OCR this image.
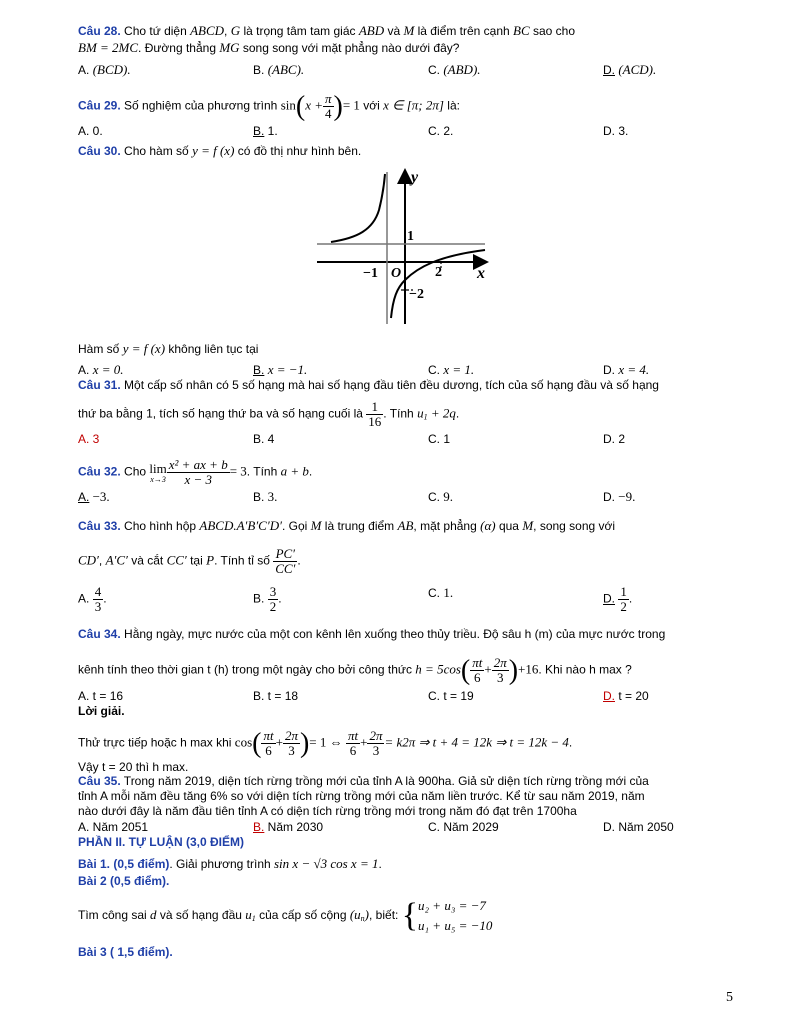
Câu 28. Cho tứ diện ABCD, G là trọng tâm tam giác ABD và M là điểm trên cạnh BC sao cho
BM = 2MC. Đường thẳng MG song song với mặt phẳng nào dưới đây?
A. (BCD).	B. (ABC).	C. (ABD).	D. (ACD).
Câu 29. Số nghiệm của phương trình $\sin(x + \frac{\pi}{4}$ )= 1 với x ∈ [π; 2π] là:
A. 0.	B. 1.	C. 2.	D. 3.
Câu 30. Cho hàm số y = f (x) có đồ thị như hình bên.
y
x
1
−1 O 2
−2
Hàm số y = f (x) không liên tục tại
A. x = 0.	B. x = −1.	C. x = 1.	D. x = 4.
Câu 31. Một cấp số nhân có 5 số hạng mà hai số hạng đầu tiên đều dương, tích của số hạng đầu và số hạng
thứ ba bằng 1, tích số hạng thứ ba và số hạng cuối là $\frac{1}{16}$ . Tính $u_1 + 2q$.
A. 3	B. 4	C. 1	D. 2
Câu 32. Cho lim
$x\to 3 \frac{\text{x² + ax + b}}{x - 3} = 3$. Tính a + b.
A. −3.	B. 3.	C. 9.	D. −9.
Câu 33. Cho hình hộp ABCD.A′B′C′D′. Gọi M là trung điểm AB, mặt phẳng (α) qua M, song song với
CD′, A′C′ và cắt CC′ tại P. Tính tỉ số $\frac{PC'}{CC'}$ .
A. $\frac{4}{3}$ .	B. $\frac{3}{2}$ .	C. 1.	D. $\frac{1}{2}$ .
Câu 34. Hằng ngày, mực nước của một con kênh lên xuống theo thủy triều. Độ sâu h (m) của mực nước trong
kênh tính theo thời gian t (h) trong một ngày cho bởi công thức $h = 5\cos( \frac{\pi t}{6} + \frac{2\pi}{3} )+16$. Khi nào h max ?
A. t = 16	B. t = 18	C. t = 19	D. t = 20
Lời giải.
Thử trực tiếp hoặc h max khi $\cos( \frac{\pi t}{6} + \frac{2\pi}{3}$ )= 1 ⇔ $\frac{\pi t}{6} + \frac{2\pi}{3} = k2\pi$ ⇒ t + 4 = 12k ⇒ t = 12k − 4.
Vậy t = 20 thì h max.
Câu 35. Trong năm 2019, diện tích rừng trồng mới của tỉnh A là 900ha. Giả sử diện tích rừng trồng mới của
tỉnh A mỗi năm đều tăng 6% so với diện tích rừng trồng mới của năm liền trước. Kể từ sau năm 2019, năm
nào dưới đây là năm đầu tiên tỉnh A có diện tích rừng trồng mới trong năm đó đạt trên 1700ha
A. Năm 2051	B. Năm 2030	C. Năm 2029	D. Năm 2050
PHẦN II. TỰ LUẬN (3,0 ĐIỂM)
Bài 1. (0,5 điểm). Giải phương trình sin x − √3 cos x = 1.
Bài 2 (0,5 điểm).
Tìm công sai d và số hạng đầu $u_1$ của cấp số cộng $(u_n)$, biết: { u₂ + u₃ = −7
u₁ + u₅ = −10
Bài 3 ( 1,5 điểm).
5
